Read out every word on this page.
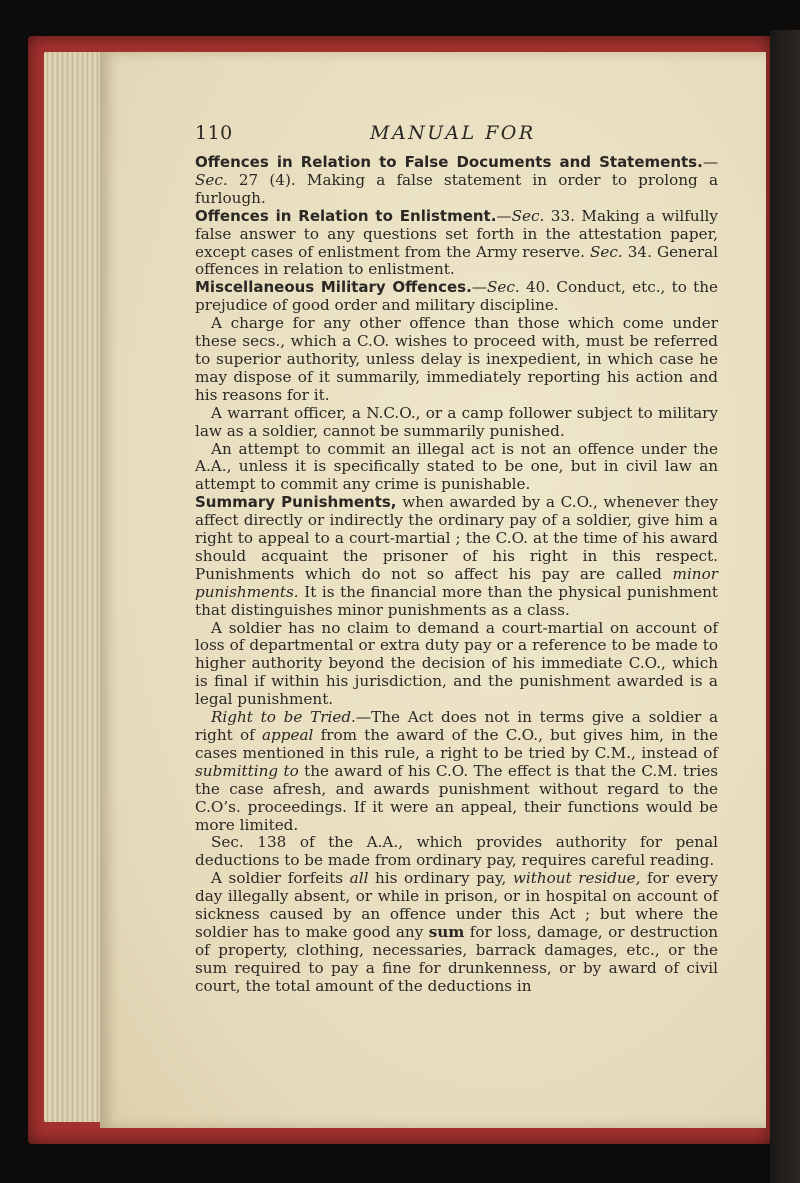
110	MANUAL FOR

Offences in Relation to False Documents and Statements.—Sec. 27 (4). Making a false statement in order to prolong a furlough.

Offences in Relation to Enlistment.—Sec. 33. Making a wilfully false answer to any questions set forth in the attestation paper, except cases of enlistment from the Army reserve. Sec. 34. General offences in relation to enlistment.

Miscellaneous Military Offences.—Sec. 40. Conduct, etc., to the prejudice of good order and military discipline.

A charge for any other offence than those which come under these secs., which a C.O. wishes to proceed with, must be referred to superior authority, unless delay is inexpedient, in which case he may dispose of it summarily, immediately reporting his action and his reasons for it.

A warrant officer, a N.C.O., or a camp follower subject to military law as a soldier, cannot be summarily punished.

An attempt to commit an illegal act is not an offence under the A.A., unless it is specifically stated to be one, but in civil law an attempt to commit any crime is punishable.

Summary Punishments, when awarded by a C.O., whenever they affect directly or indirectly the ordinary pay of a soldier, give him a right to appeal to a court-martial ; the C.O. at the time of his award should acquaint the prisoner of his right in this respect. Punishments which do not so affect his pay are called minor punishments. It is the financial more than the physical punishment that distinguishes minor punishments as a class.

A soldier has no claim to demand a court-martial on account of loss of departmental or extra duty pay or a reference to be made to higher authority beyond the decision of his immediate C.O., which is final if within his jurisdiction, and the punishment awarded is a legal punishment.

Right to be Tried.—The Act does not in terms give a soldier a right of appeal from the award of the C.O., but gives him, in the cases mentioned in this rule, a right to be tried by C.M., instead of submitting to the award of his C.O. The effect is that the C.M. tries the case afresh, and awards punishment without regard to the C.O’s. proceedings. If it were an appeal, their functions would be more limited.

Sec. 138 of the A.A., which provides authority for penal deductions to be made from ordinary pay, requires careful reading.

A soldier forfeits all his ordinary pay, without residue, for every day illegally absent, or while in prison, or in hospital on account of sickness caused by an offence under this Act ; but where the soldier has to make good any sum for loss, damage, or destruction of property, clothing, necessaries, barrack damages, etc., or the sum required to pay a fine for drunkenness, or by award of civil court, the total amount of the deductions in
